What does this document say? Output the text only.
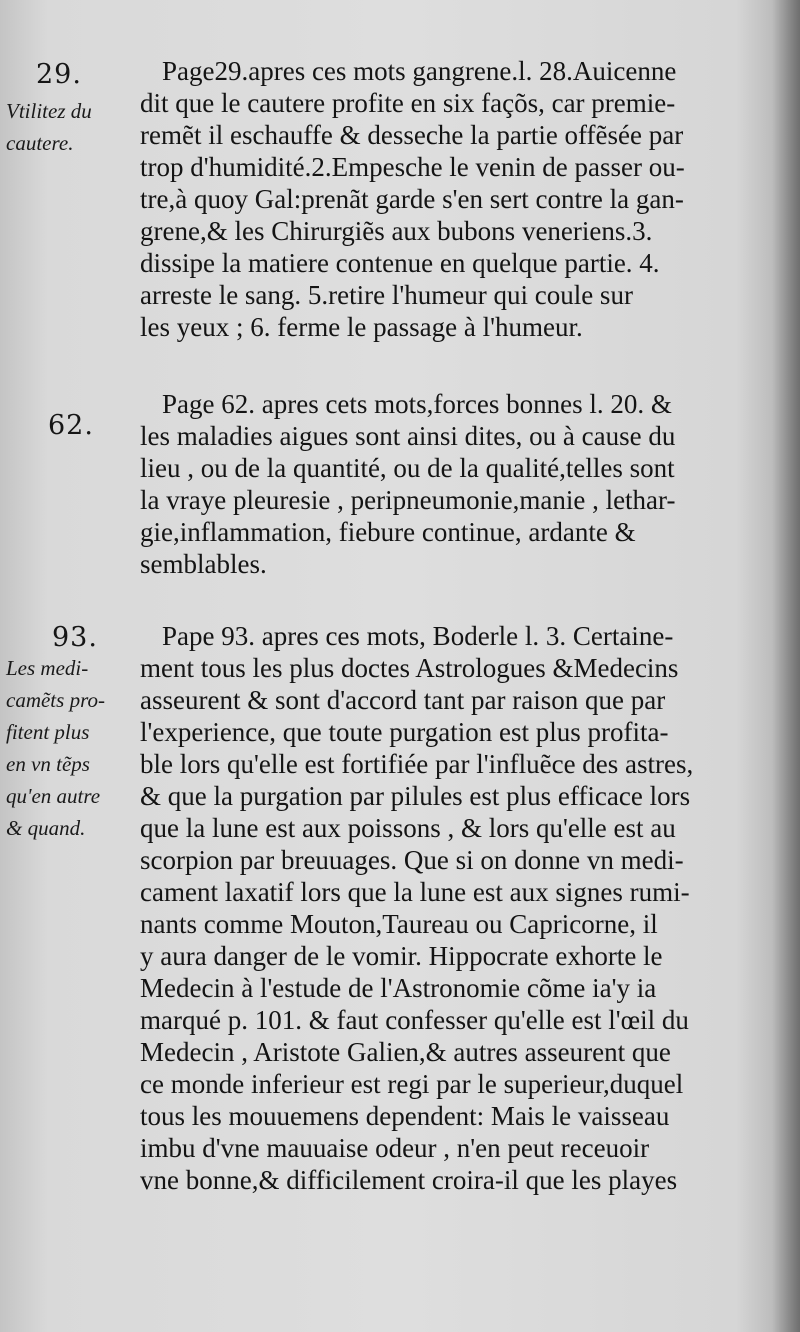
29.
Vtilitez du
cautere.
Page29.apres ces mots gangrene.l. 28.Auicenne
dit que le cautere profite en six façõs, car premie-
remẽt il eschauffe & desseche la partie offẽsée par
trop d'humidité.2.Empesche le venin de passer ou-
tre,à quoy Gal:prenãt garde s'en sert contre la gan-
grene,& les Chirurgiẽs aux bubons veneriens.3.
dissipe la matiere contenue en quelque partie. 4.
arreste le sang. 5.retire l'humeur qui coule sur
les yeux ; 6. ferme le passage à l'humeur.
62.
Page 62. apres cets mots,forces bonnes l. 20. &
les maladies aigues sont ainsi dites, ou à cause du
lieu , ou de la quantité, ou de la qualité,telles sont
la vraye pleuresie , peripneumonie,manie , lethar-
gie,inflammation, fiebure continue, ardante &
semblables.
93.
Les medi-
camẽts pro-
fitent plus
en vn tẽps
qu'en autre
& quand.
Pape 93. apres ces mots, Boderle l. 3. Certaine-
ment tous les plus doctes Astrologues &Medecins
asseurent & sont d'accord tant par raison que par
l'experience, que toute purgation est plus profita-
ble lors qu'elle est fortifiée par l'influẽce des astres,
& que la purgation par pilules est plus efficace lors
que la lune est aux poissons , & lors qu'elle est au
scorpion par breuuages. Que si on donne vn medi-
cament laxatif lors que la lune est aux signes rumi-
nants comme Mouton,Taureau ou Capricorne, il
y aura danger de le vomir. Hippocrate exhorte le
Medecin à l'estude de l'Astronomie cõme ia'y ia
marqué p. 101. & faut confesser qu'elle est l'œil du
Medecin , Aristote Galien,& autres asseurent que
ce monde inferieur est regi par le superieur,duquel
tous les mouuemens dependent: Mais le vaisseau
imbu d'vne mauuaise odeur , n'en peut receuoir
vne bonne,& difficilement croira-il que les playes
